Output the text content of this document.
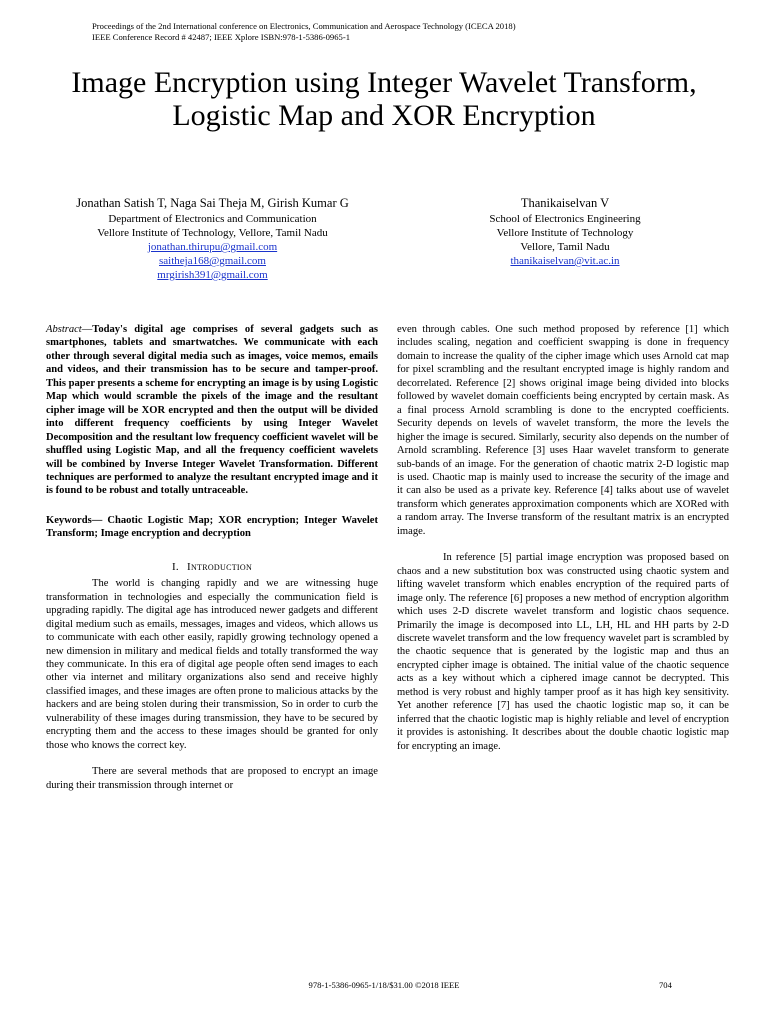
Proceedings of the 2nd International conference on Electronics, Communication and Aerospace Technology (ICECA 2018)
IEEE Conference Record # 42487; IEEE Xplore ISBN:978-1-5386-0965-1
Image Encryption using Integer Wavelet Transform,
Logistic Map and XOR Encryption
Jonathan Satish T, Naga Sai Theja M, Girish Kumar G
Department of Electronics and Communication
Vellore Institute of Technology, Vellore, Tamil Nadu
jonathan.thirupu@gmail.com
saitheja168@gmail.com
mrgirish391@gmail.com
Thanikaiselvan V
School of Electronics Engineering
Vellore Institute of Technology
Vellore, Tamil Nadu
thanikaiselvan@vit.ac.in

Abstract—Today's digital age comprises of several gadgets such as smartphones, tablets and smartwatches. We communicate with each other through several digital media such as images, voice memos, emails and videos, and their transmission has to be secure and tamper-proof. This paper presents a scheme for encrypting an image is by using Logistic Map which would scramble the pixels of the image and the resultant cipher image will be XOR encrypted and then the output will be divided into different frequency coefficients by using Integer Wavelet Decomposition and the resultant low frequency coefficient wavelet will be shuffled using Logistic Map, and all the frequency coefficient wavelets will be combined by Inverse Integer Wavelet Transformation. Different techniques are performed to analyze the resultant encrypted image and it is found to be robust and totally untraceable.

Keywords— Chaotic Logistic Map; XOR encryption; Integer Wavelet Transform; Image encryption and decryption

I. Introduction

The world is changing rapidly and we are witnessing huge transformation in technologies and especially the communication field is upgrading rapidly. The digital age has introduced newer gadgets and different digital medium such as emails, messages, images and videos, which allows us to communicate with each other easily, rapidly growing technology opened a new dimension in military and medical fields and totally transformed the way they communicate. In this era of digital age people often send images to each other via internet and military organizations also send and receive highly classified images, and these images are often prone to malicious attacks by the hackers and are being stolen during their transmission, So in order to curb the vulnerability of these images during transmission, they have to be secured by encrypting them and the access to these images should be granted for only those who knows the correct key.

There are several methods that are proposed to encrypt an image during their transmission through internet or

even through cables. One such method proposed by reference [1] which includes scaling, negation and coefficient swapping is done in frequency domain to increase the quality of the cipher image which uses Arnold cat map for pixel scrambling and the resultant encrypted image is highly random and decorrelated. Reference [2] shows original image being divided into blocks followed by wavelet domain coefficients being encrypted by certain mask. As a final process Arnold scrambling is done to the encrypted coefficients. Security depends on levels of wavelet transform, the more the levels the higher the image is secured. Similarly, security also depends on the number of Arnold scrambling. Reference [3] uses Haar wavelet transform to generate sub-bands of an image. For the generation of chaotic matrix 2-D logistic map is used. Chaotic map is mainly used to increase the security of the image and it can also be used as a private key. Reference [4] talks about use of wavelet transform which generates approximation components which are XORed with a random array. The Inverse transform of the resultant matrix is an encrypted image.

In reference [5] partial image encryption was proposed based on chaos and a new substitution box was constructed using chaotic system and lifting wavelet transform which enables encryption of the required parts of image only. The reference [6] proposes a new method of encryption algorithm which uses 2-D discrete wavelet transform and logistic chaos sequence. Primarily the image is decomposed into LL, LH, HL and HH parts by 2-D discrete wavelet transform and the low frequency wavelet part is scrambled by the chaotic sequence that is generated by the logistic map and thus an encrypted cipher image is obtained. The initial value of the chaotic sequence acts as a key without which a ciphered image cannot be decrypted. This method is very robust and highly tamper proof as it has high key sensitivity. Yet another reference [7] has used the chaotic logistic map so, it can be inferred that the chaotic logistic map is highly reliable and level of encryption it provides is astonishing. It describes about the double chaotic logistic map for encrypting an image.

978-1-5386-0965-1/18/$31.00 ©2018 IEEE	704
